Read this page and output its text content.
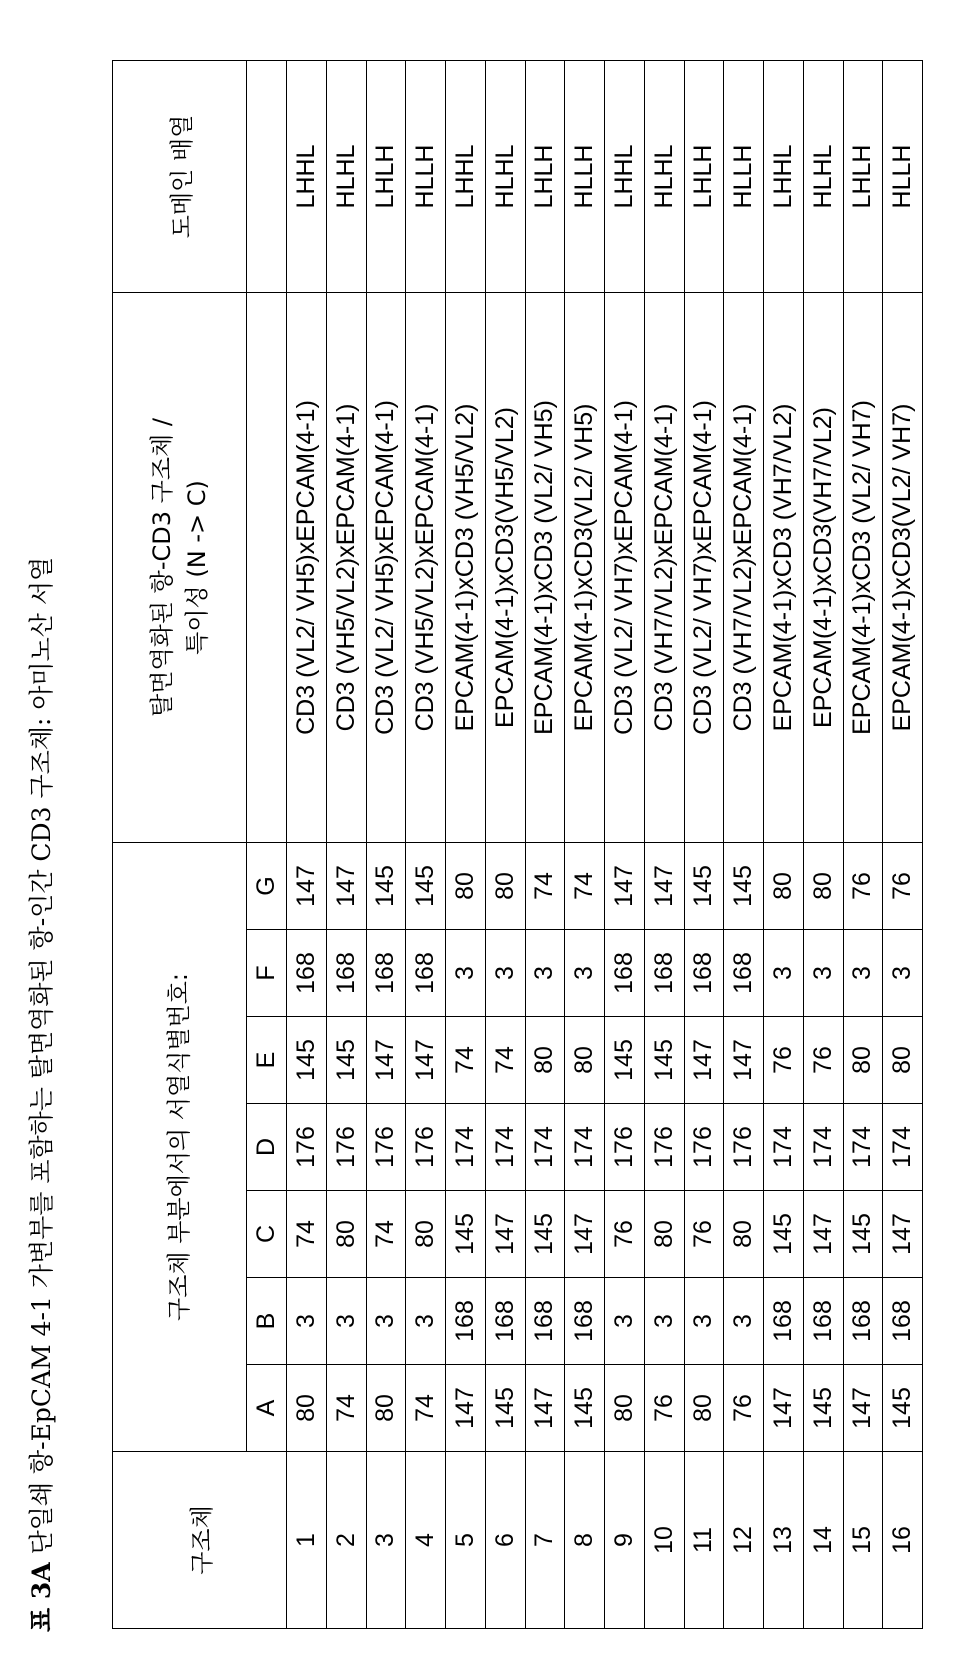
표 3A 단일쇄 항-EpCAM 4-1 가변부를 포함하는 탈면역화된 항-인간 CD3 구조체: 아미노산 서열	구조체	구조체 부분에서의 서열식별번호:							탈면역화된 항-CD3 구조체 / 특이성 (N -> C)	도메인 배열
	A	B	C	D	E	F	G		
1	80	3	74	176	145	168	147	CD3 (VL2/ VH5)xEPCAM(4-1)	LHHL
2	74	3	80	176	145	168	147	CD3 (VH5/VL2)xEPCAM(4-1)	HLHL
3	80	3	74	176	147	168	145	CD3 (VL2/ VH5)xEPCAM(4-1)	LHLH
4	74	3	80	176	147	168	145	CD3 (VH5/VL2)xEPCAM(4-1)	HLLH
5	147	168	145	174	74	3	80	EPCAM(4-1)xCD3 (VH5/VL2)	LHHL
6	145	168	147	174	74	3	80	EPCAM(4-1)xCD3(VH5/VL2)	HLHL
7	147	168	145	174	80	3	74	EPCAM(4-1)xCD3 (VL2/ VH5)	LHLH
8	145	168	147	174	80	3	74	EPCAM(4-1)xCD3(VL2/ VH5)	HLLH
9	80	3	76	176	145	168	147	CD3 (VL2/ VH7)xEPCAM(4-1)	LHHL
10	76	3	80	176	145	168	147	CD3 (VH7/VL2)xEPCAM(4-1)	HLHL
11	80	3	76	176	147	168	145	CD3 (VL2/ VH7)xEPCAM(4-1)	LHLH
12	76	3	80	176	147	168	145	CD3 (VH7/VL2)xEPCAM(4-1)	HLLH
13	147	168	145	174	76	3	80	EPCAM(4-1)xCD3 (VH7/VL2)	LHHL
14	145	168	147	174	76	3	80	EPCAM(4-1)xCD3(VH7/VL2)	HLHL
15	147	168	145	174	80	3	76	EPCAM(4-1)xCD3 (VL2/ VH7)	LHLH
16	145	168	147	174	80	3	76	EPCAM(4-1)xCD3(VL2/ VH7)	HLLH
